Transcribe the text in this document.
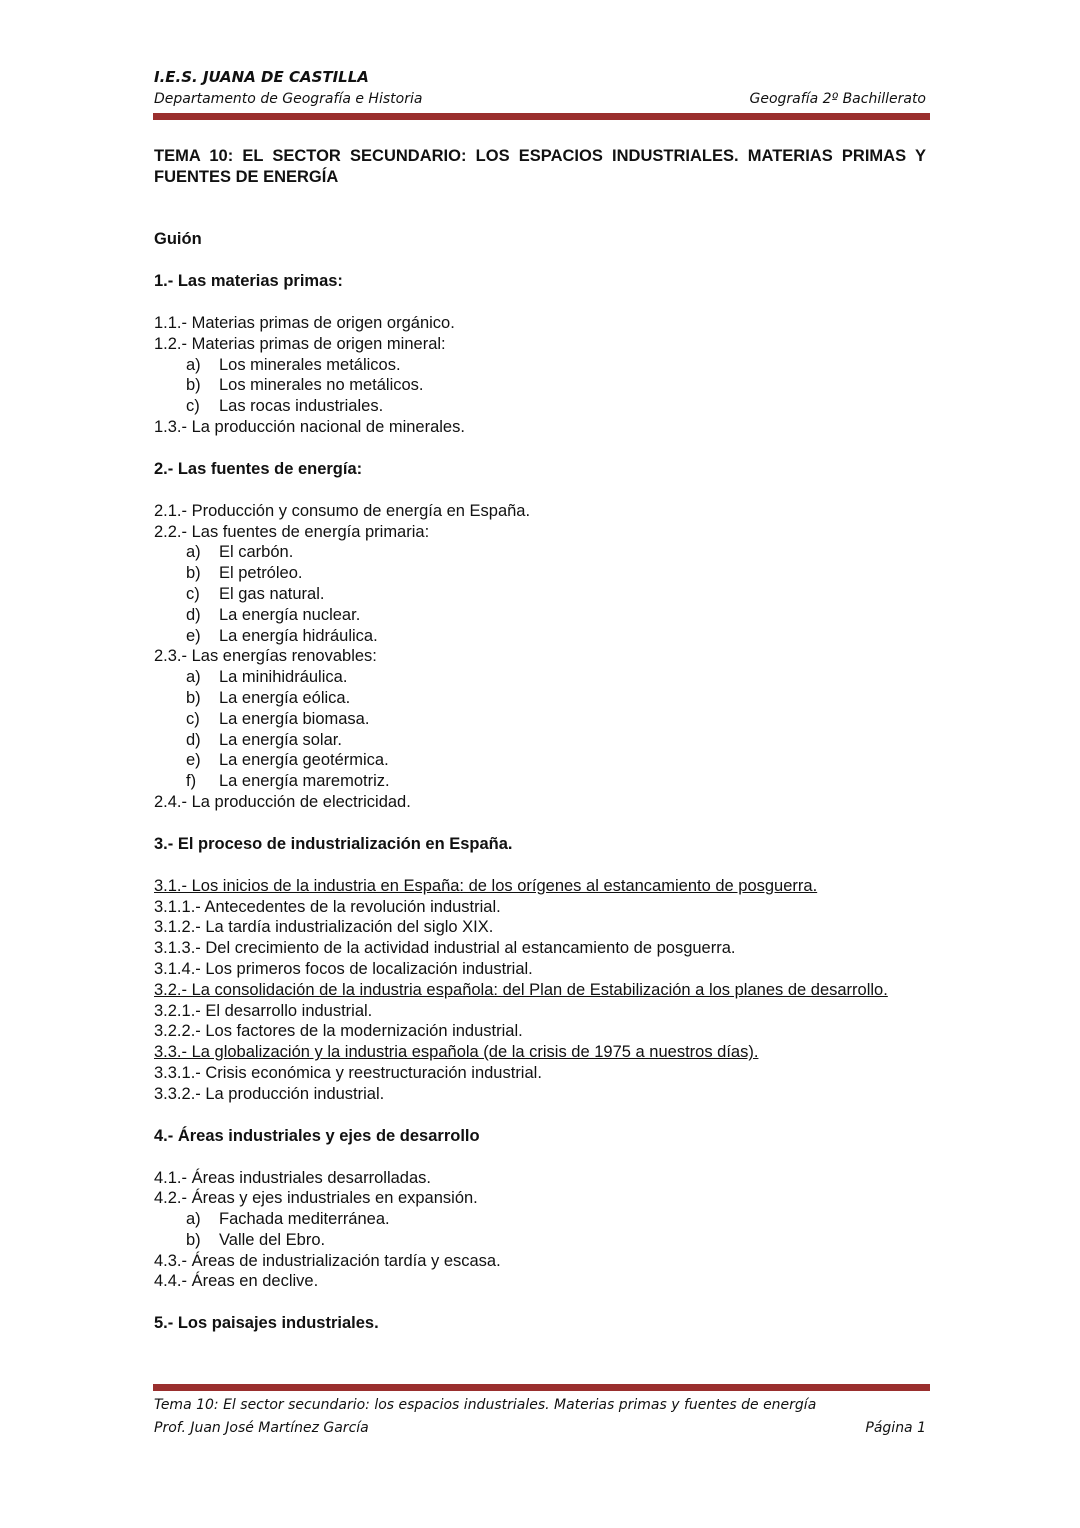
I.E.S. JUANA DE CASTILLA
Departamento de Geografía e Historia	Geografía 2º Bachillerato

TEMA 10: EL SECTOR SECUNDARIO: LOS ESPACIOS INDUSTRIALES. MATERIAS PRIMAS Y FUENTES DE ENERGÍA

Guión
1.- Las materias primas:
1.1.- Materias primas de origen orgánico.
1.2.- Materias primas de origen mineral:
a)	Los minerales metálicos.
b)	Los minerales no metálicos.
c)	Las rocas industriales.
1.3.- La producción nacional de minerales.
2.- Las fuentes de energía:
2.1.- Producción y consumo de energía en España.
2.2.- Las fuentes de energía primaria:
a)	El carbón.
b)	El petróleo.
c)	El gas natural.
d)	La energía nuclear.
e)	La energía hidráulica.
2.3.- Las energías renovables:
a)	La minihidráulica.
b)	La energía eólica.
c)	La energía biomasa.
d)	La energía solar.
e)	La energía geotérmica.
f)	La energía maremotriz.
2.4.- La producción de electricidad.
3.- El proceso de industrialización en España.
3.1.- Los inicios de la industria en España: de los orígenes al estancamiento de posguerra.
3.1.1.- Antecedentes de la revolución industrial.
3.1.2.- La tardía industrialización del siglo XIX.
3.1.3.- Del crecimiento de la actividad industrial al estancamiento de posguerra.
3.1.4.- Los primeros focos de localización industrial.
3.2.- La consolidación de la industria española: del Plan de Estabilización a los planes de desarrollo.
3.2.1.- El desarrollo industrial.
3.2.2.- Los factores de la modernización industrial.
3.3.- La globalización y la industria española (de la crisis de 1975 a nuestros días).
3.3.1.- Crisis económica y reestructuración industrial.
3.3.2.- La producción industrial.
4.- Áreas industriales y ejes de desarrollo
4.1.- Áreas industriales desarrolladas.
4.2.- Áreas y ejes industriales en expansión.
a)	Fachada mediterránea.
b)	Valle del Ebro.
4.3.- Áreas de industrialización tardía y escasa.
4.4.- Áreas en declive.
5.- Los paisajes industriales.
Tema 10: El sector secundario: los espacios industriales. Materias primas y fuentes de energía
Prof. Juan José Martínez García	Página 1
